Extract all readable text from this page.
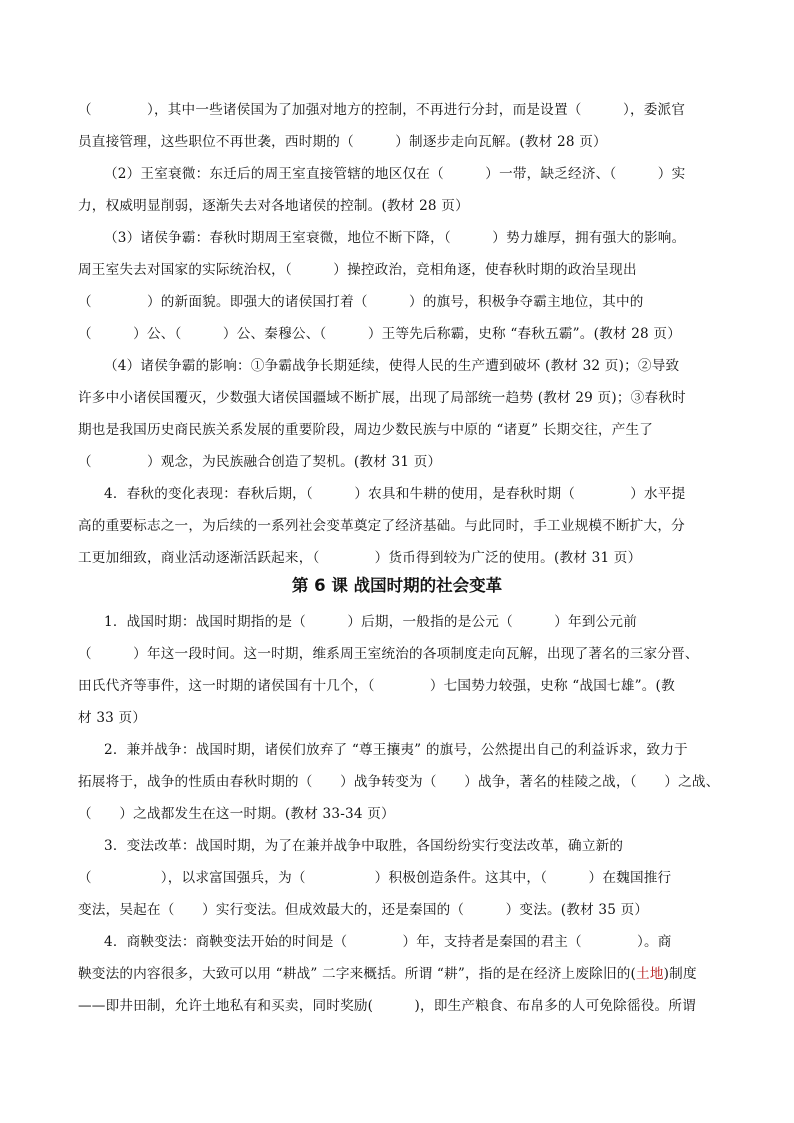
（　　　　），其中一些诸侯国为了加强对地方的控制，不再进行分封，而是设置（　　　），委派官
员直接管理，这些职位不再世袭，西时期的（　　　）制逐步走向瓦解。(教材 28 页）
（2）王室衰微：东迁后的周王室直接管辖的地区仅在（　　　）一带，缺乏经济、（　　　）实
力，权威明显削弱，逐渐失去对各地诸侯的控制。(教材 28 页）
（3）诸侯争霸：春秋时期周王室衰微，地位不断下降，（　　　）势力雄厚，拥有强大的影响。
周王室失去对国家的实际统治权，（　　　）操控政治，竞相角逐，使春秋时期的政治呈现出
（　　　　）的新面貌。即强大的诸侯国打着（　　　）的旗号，积极争夺霸主地位，其中的
（　　　）公、（　　　）公、秦穆公、（　　　）王等先后称霸，史称 “春秋五霸”。(教材 28 页）
（4）诸侯争霸的影响：①争霸战争长期延续，使得人民的生产遭到破坏 (教材 32 页)；②导致
许多中小诸侯国覆灭，少数强大诸侯国疆域不断扩展，出现了局部统一趋势 (教材 29 页)；③春秋时
期也是我国历史商民族关系发展的重要阶段，周边少数民族与中原的 “诸夏” 长期交往，产生了
（　　　　）观念，为民族融合创造了契机。(教材 31 页）
4．春秋的变化表现：春秋后期，（　　　）农具和牛耕的使用，是春秋时期（　　　　）水平提
高的重要标志之一，为后续的一系列社会变革奠定了经济基础。与此同时，手工业规模不断扩大，分
工更加细致，商业活动逐渐活跃起来，（　　　　）货币得到较为广泛的使用。(教材 31 页）
第 6 课 战国时期的社会变革
1．战国时期：战国时期指的是（　　　）后期，一般指的是公元（　　　）年到公元前
（　　　）年这一段时间。这一时期，维系周王室统治的各项制度走向瓦解，出现了著名的三家分晋、
田氏代齐等事件，这一时期的诸侯国有十几个，（　　　　）七国势力较强，史称 “战国七雄”。(教
材 33 页）
2．兼并战争：战国时期，诸侯们放弃了 “尊王攘夷” 的旗号，公然提出自己的利益诉求，致力于
拓展将于，战争的性质由春秋时期的（　　）战争转变为（　　）战争，著名的桂陵之战，（　　）之战、
（　　）之战都发生在这一时期。(教材 33-34 页）
3．变法改革：战国时期，为了在兼并战争中取胜，各国纷纷实行变法改革，确立新的
（　　　　　），以求富国强兵，为（　　　　　）积极创造条件。这其中，（　　　）在魏国推行
变法，吴起在（　　）实行变法。但成效最大的，还是秦国的（　　　）变法。(教材 35 页）
4．商鞅变法：商鞅变法开始的时间是（　　　　）年，支持者是秦国的君主（　　　　）。商
鞅变法的内容很多，大致可以用 “耕战” 二字来概括。所谓 “耕”，指的是在经济上废除旧的(土地)制度
——即井田制，允许土地私有和买卖，同时奖励(　　　)，即生产粮食、布帛多的人可免除徭役。所谓
